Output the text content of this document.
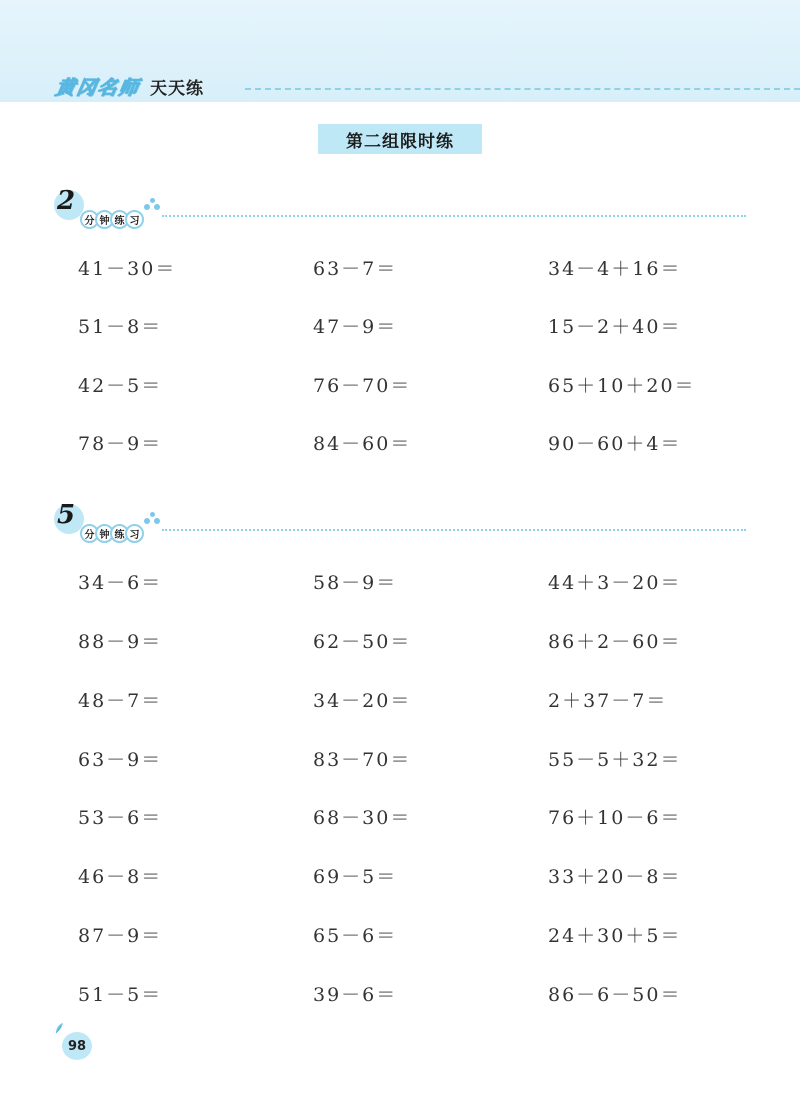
黄冈名师 天天练
第二组限时练
2
分 钟 练 习
41－30＝	63－7＝	34－4＋16＝
51－8＝	47－9＝	15－2＋40＝
42－5＝	76－70＝	65＋10＋20＝
78－9＝	84－60＝	90－60＋4＝
5
分 钟 练 习
34－6＝	58－9＝	44＋3－20＝
88－9＝	62－50＝	86＋2－60＝
48－7＝	34－20＝	2＋37－7＝
63－9＝	83－70＝	55－5＋32＝
53－6＝	68－30＝	76＋10－6＝
46－8＝	69－5＝	33＋20－8＝
87－9＝	65－6＝	24＋30＋5＝
51－5＝	39－6＝	86－6－50＝
98
